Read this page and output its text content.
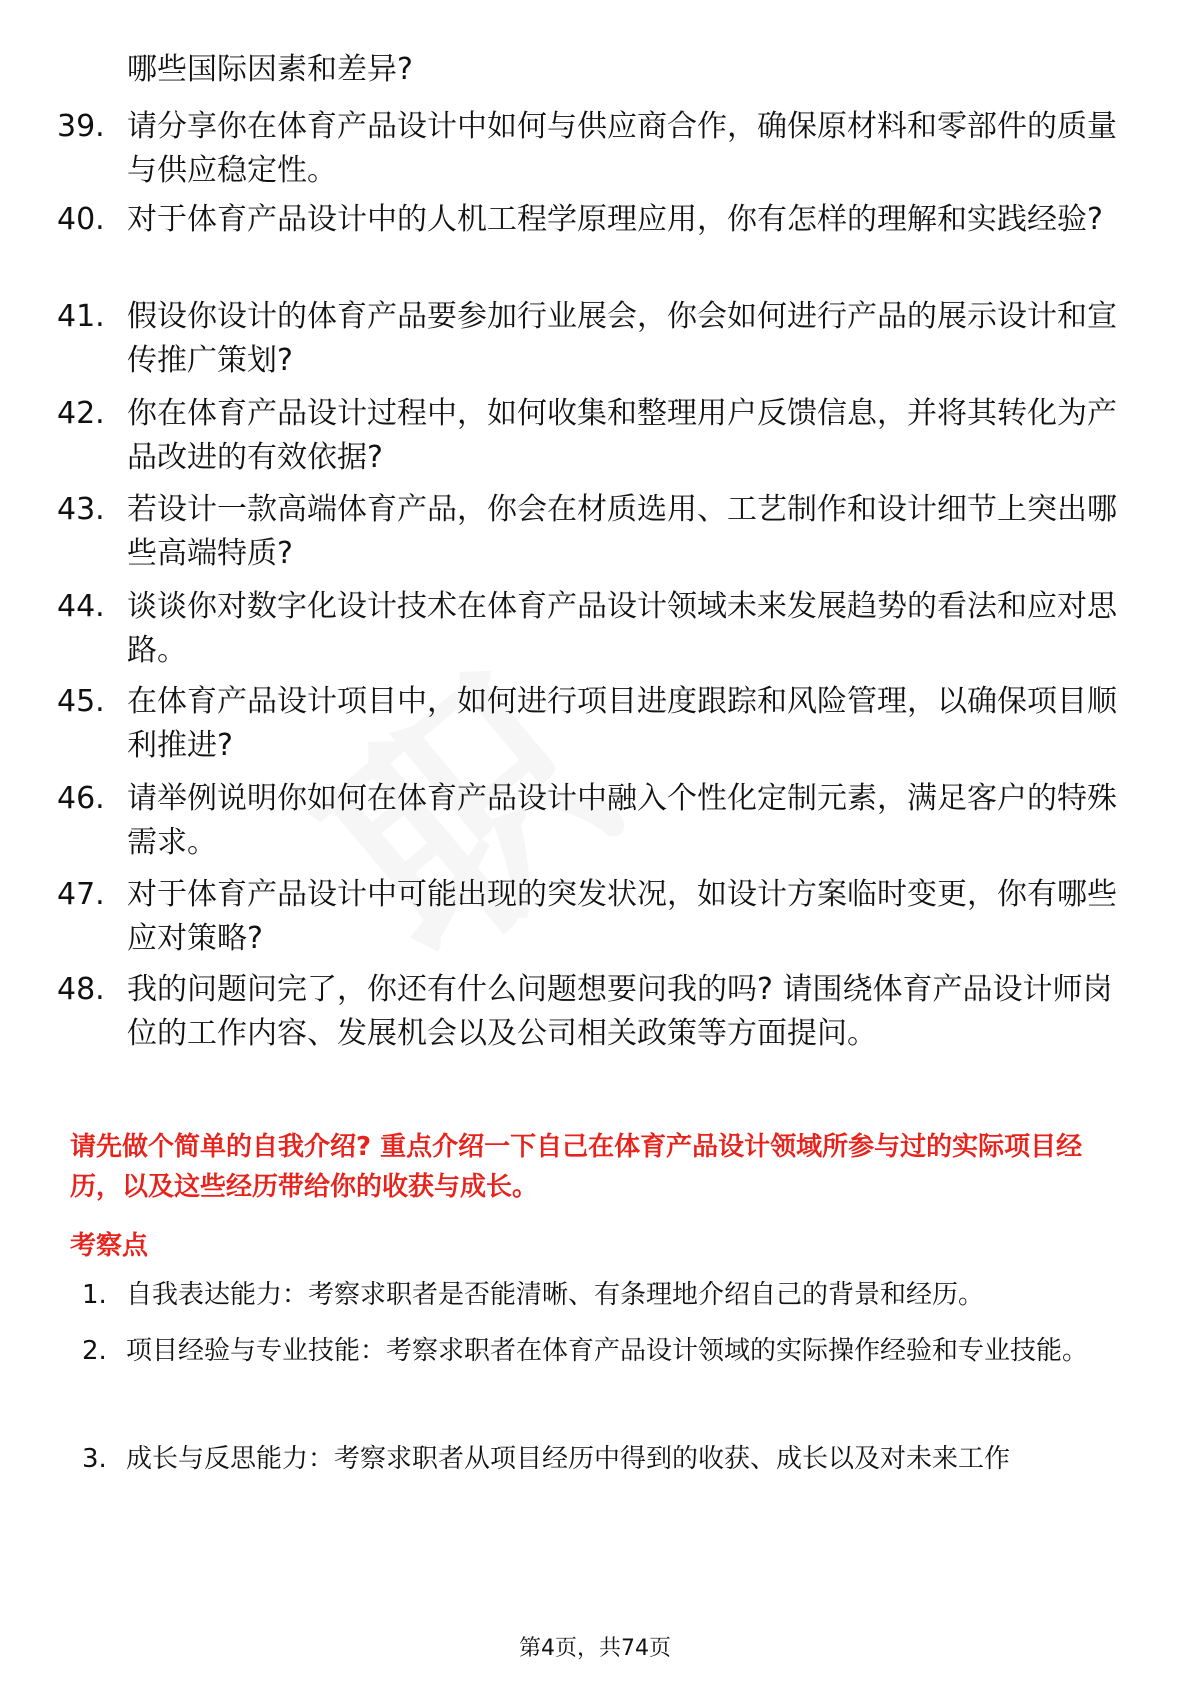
哪些国际因素和差异?
39. 请分享你在体育产品设计中如何与供应商合作，确保原材料和零部件的质量与供应稳定性。
40. 对于体育产品设计中的人机工程学原理应用，你有怎样的理解和实践经验?
41. 假设你设计的体育产品要参加行业展会，你会如何进行产品的展示设计和宣传推广策划?
42. 你在体育产品设计过程中，如何收集和整理用户反馈信息，并将其转化为产品改进的有效依据?
43. 若设计一款高端体育产品，你会在材质选用、工艺制作和设计细节上突出哪些高端特质?
44. 谈谈你对数字化设计技术在体育产品设计领域未来发展趋势的看法和应对思路。
45. 在体育产品设计项目中，如何进行项目进度跟踪和风险管理，以确保项目顺利推进?
46. 请举例说明你如何在体育产品设计中融入个性化定制元素，满足客户的特殊需求。
47. 对于体育产品设计中可能出现的突发状况，如设计方案临时变更，你有哪些应对策略?
48. 我的问题问完了，你还有什么问题想要问我的吗? 请围绕体育产品设计师岗位的工作内容、发展机会以及公司相关政策等方面提问。
请先做个简单的自我介绍? 重点介绍一下自己在体育产品设计领域所参与过的实际项目经历，以及这些经历带给你的收获与成长。
考察点
1. 自我表达能力：考察求职者是否能清晰、有条理地介绍自己的背景和经历。
2. 项目经验与专业技能：考察求职者在体育产品设计领域的实际操作经验和专业技能。
3. 成长与反思能力：考察求职者从项目经历中得到的收获、成长以及对未来工作
第4页，共74页
